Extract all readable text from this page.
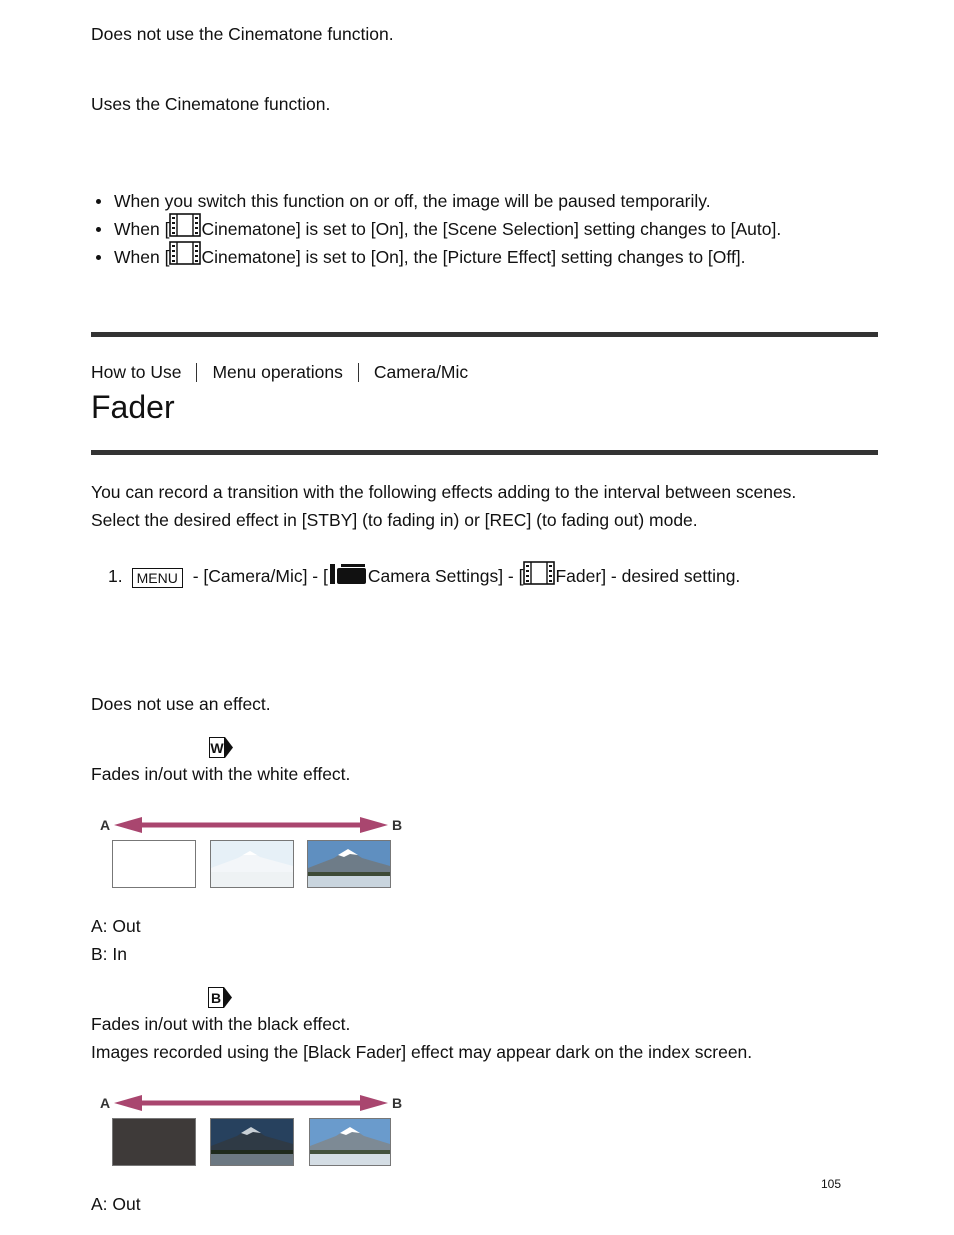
Does not use the Cinematone function.
Uses the Cinematone function.
When you switch this function on or off, the image will be paused temporarily.
When [ Cinematone] is set to [On], the [Scene Selection] setting changes to [Auto].
When [ Cinematone] is set to [On], the [Picture Effect] setting changes to [Off].
How to Use Menu operations Camera/Mic
Fader
You can record a transition with the following effects adding to the interval between scenes.
Select the desired effect in [STBY] (to fading in) or [REC] (to fading out) mode.
1. MENU - [Camera/Mic] - [ Camera Settings] - [ Fader] - desired setting.
Does not use an effect.
W
Fades in/out with the white effect.
A	B
A: Out
B: In
B
Fades in/out with the black effect.
Images recorded using the [Black Fader] effect may appear dark on the index screen.
A	B
105
A: Out
